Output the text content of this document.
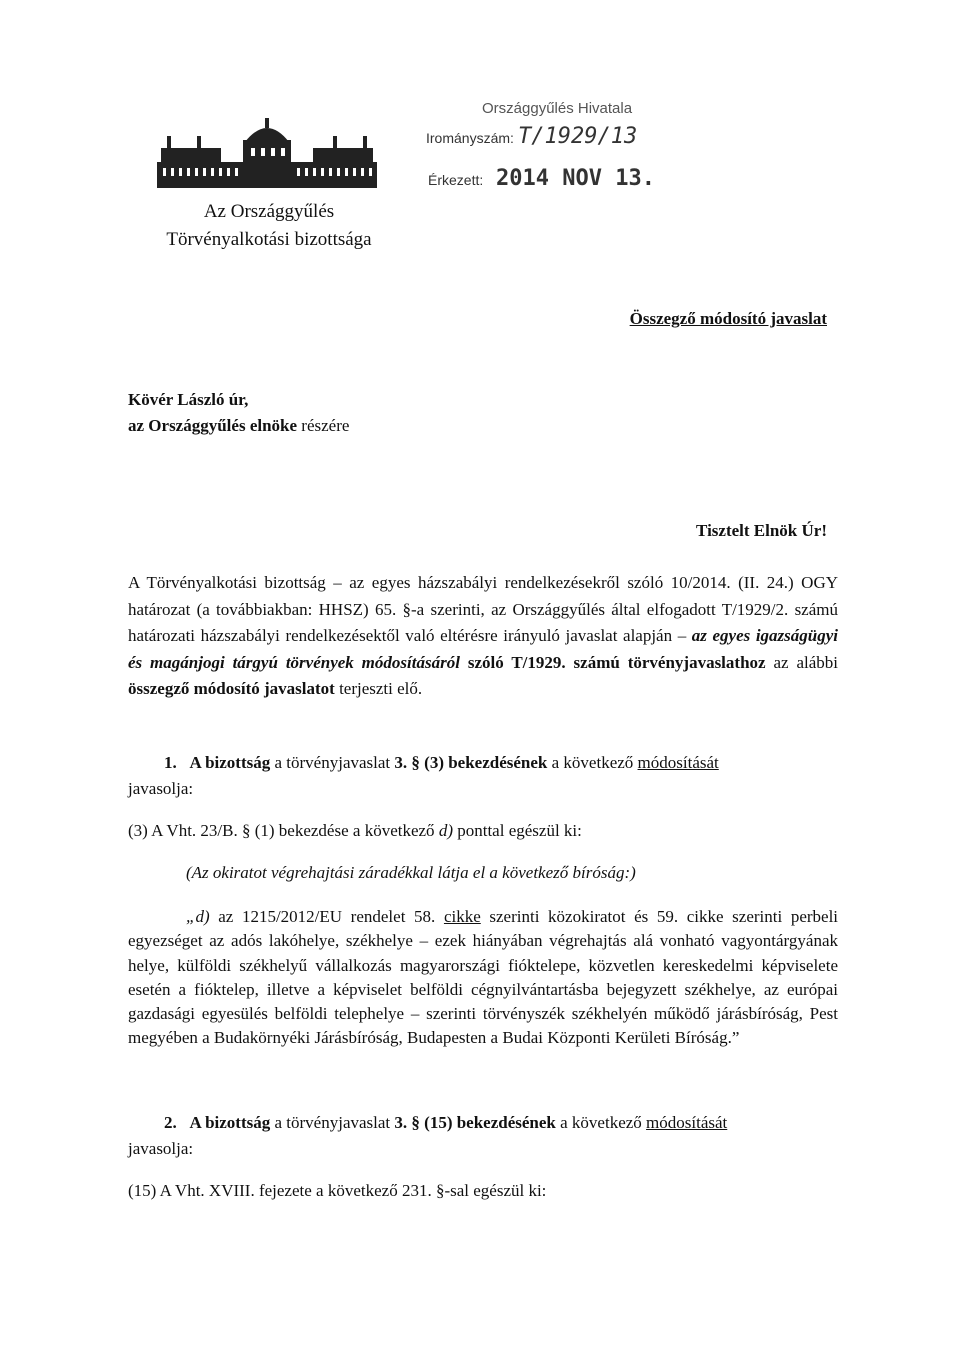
Az Országgyűlés
Törvényalkotási bizottsága
Országgyűlés Hivatala
Irományszám: T/1929/13
Érkezett: 2014 NOV 13.
Összegző módosító javaslat
Kövér László úr,
az Országgyűlés elnöke részére
Tisztelt Elnök Úr!
A Törvényalkotási bizottság – az egyes házszabályi rendelkezésekről szóló 10/2014. (II. 24.) OGY határozat (a továbbiakban: HHSZ) 65. §-a szerinti, az Országgyűlés által elfogadott T/1929/2. számú határozati házszabályi rendelkezésektől való eltérésre irányuló javaslat alapján – az egyes igazságügyi és magánjogi tárgyú törvények módosításáról szóló T/1929. számú törvényjavaslathoz az alábbi összegző módosító javaslatot terjeszti elő.
1. A bizottság a törvényjavaslat 3. § (3) bekezdésének a következő módosítását
javasolja:
(3) A Vht. 23/B. § (1) bekezdése a következő d) ponttal egészül ki:
(Az okiratot végrehajtási záradékkal látja el a következő bíróság:)
„d) az 1215/2012/EU rendelet 58. cikke szerinti közokiratot és 59. cikke szerinti perbeli egyezséget az adós lakóhelye, székhelye – ezek hiányában végrehajtás alá vonható vagyontárgyának helye, külföldi székhelyű vállalkozás magyarországi fióktelepe, közvetlen kereskedelmi képviselete esetén a fióktelep, illetve a képviselet belföldi cégnyilvántartásba bejegyzett székhelye, az európai gazdasági egyesülés belföldi telephelye – szerinti törvényszék székhelyén működő járásbíróság, Pest megyében a Budakörnyéki Járásbíróság, Budapesten a Budai Központi Kerületi Bíróság.”
2. A bizottság a törvényjavaslat 3. § (15) bekezdésének a következő módosítását
javasolja:
(15) A Vht. XVIII. fejezete a következő 231. §-sal egészül ki:
